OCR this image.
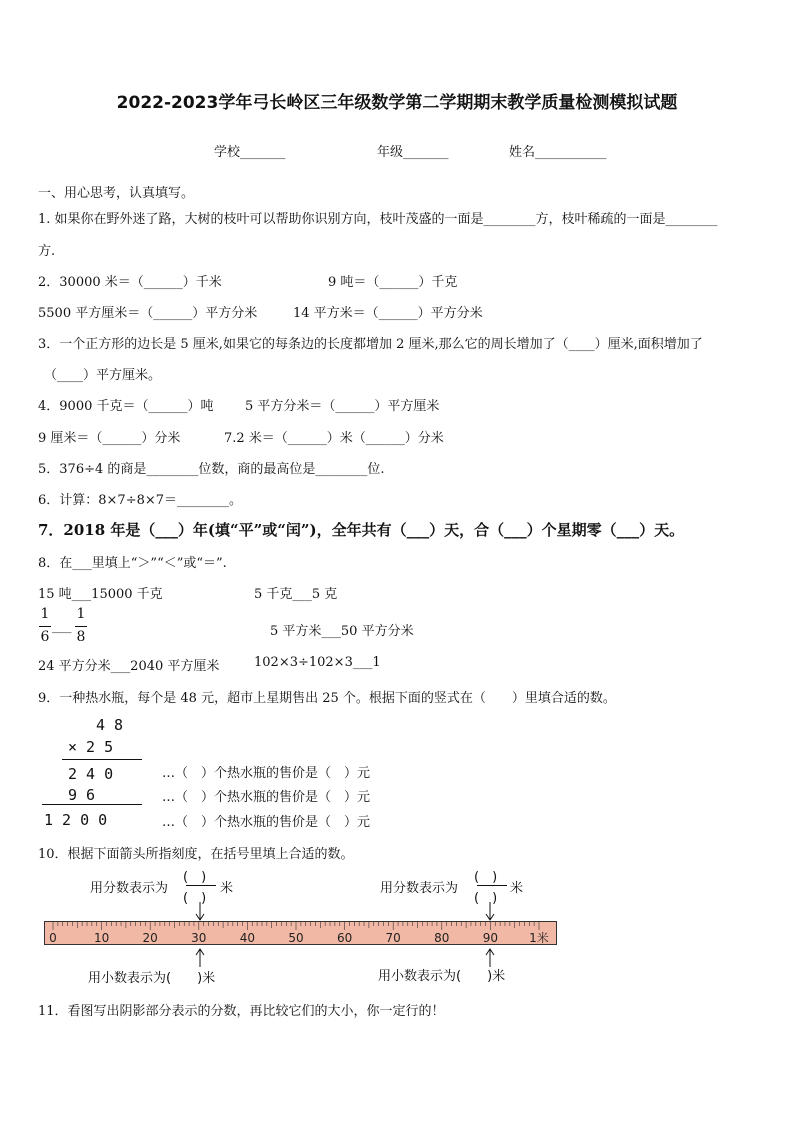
2022-2023学年弓长岭区三年级数学第二学期期末教学质量检测模拟试题
学校_______	年级_______	姓名___________
一、用心思考，认真填写。
1. 如果你在野外迷了路，大树的枝叶可以帮助你识别方向，枝叶茂盛的一面是________方，枝叶稀疏的一面是________
方.
2．30000 米＝（______）千米	9 吨＝（______）千克
5500 平方厘米＝（______）平方分米	14 平方米＝（______）平方分米
3．一个正方形的边长是 5 厘米,如果它的每条边的长度都增加 2 厘米,那么它的周长增加了（____）厘米,面积增加了
（____）平方厘米。
4．9000 千克＝（______）吨 5 平方分米＝（______）平方厘米
9 厘米＝（______）分米	7.2 米＝（______）米（______）分米
5．376÷4 的商是________位数，商的最高位是________位.
6．计算：8×7÷8×7＝________。
7．2018 年是（___）年(填“平”或“闰”)，全年共有（___）天，合（___）个星期零（___）天。
8．在___里填上“＞”“＜”或“＝”.
15 吨___15000 千克	5 千克___5 克
1
6
___
1
8	5 平方米___50 平方分米
24 平方分米___2040 平方厘米	102×3÷102×3___1
9．一种热水瓶，每个是 48 元，超市上星期售出 25 个。根据下面的竖式在（　　）里填合适的数。
4 8
× 2 5
2 4 0
9 6
1 2 0 0
…（　）个热水瓶的售价是（　）元
…（　）个热水瓶的售价是（　）元
…（　）个热水瓶的售价是（　）元
10．根据下面箭头所指刻度，在括号里填上合适的数。
用分数表示为
(　)
(　)
米	用分数表示为
(　)
(　)
米
0	10	20	30	40	50	60	70	80	90	1米
用小数表示为(　　)米	用小数表示为(　　)米
11．看图写出阴影部分表示的分数，再比较它们的大小，你一定行的！
